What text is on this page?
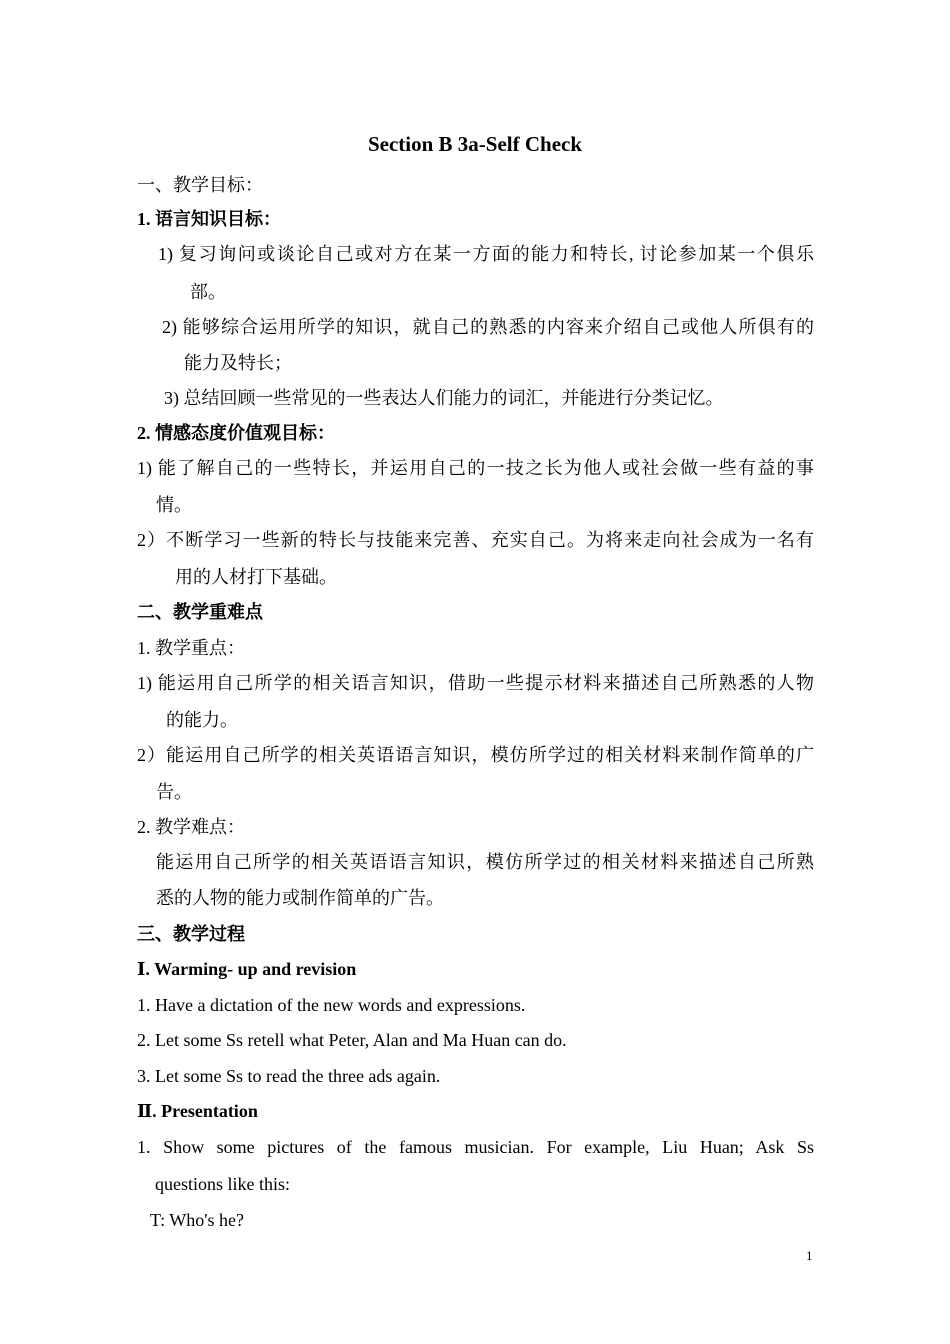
Section B 3a-Self Check
一、教学目标：
1. 语言知识目标：
1) 复习询问或谈论自己或对方在某一方面的能力和特长, 讨论参加某一个俱乐
部。
2) 能够综合运用所学的知识，就自己的熟悉的内容来介绍自己或他人所俱有的
能力及特长；
3) 总结回顾一些常见的一些表达人们能力的词汇，并能进行分类记忆。
2. 情感态度价值观目标：
1) 能了解自己的一些特长，并运用自己的一技之长为他人或社会做一些有益的事
情。
2）不断学习一些新的特长与技能来完善、充实自己。为将来走向社会成为一名有
用的人材打下基础。
二、教学重难点
1. 教学重点：
1) 能运用自己所学的相关语言知识，借助一些提示材料来描述自己所熟悉的人物
的能力。
2）能运用自己所学的相关英语语言知识，模仿所学过的相关材料来制作简单的广
告。
2. 教学难点：
能运用自己所学的相关英语语言知识，模仿所学过的相关材料来描述自己所熟
悉的人物的能力或制作简单的广告。
三、教学过程
Ⅰ. Warming- up and revision
1. Have a dictation of the new words and expressions.
2. Let some Ss retell what Peter, Alan and Ma Huan can do.
3. Let some Ss to read the three ads again.
Ⅱ. Presentation
1. Show some pictures of the famous musician. For example, Liu Huan; Ask Ss
questions like this:
T: Who's he?
1
